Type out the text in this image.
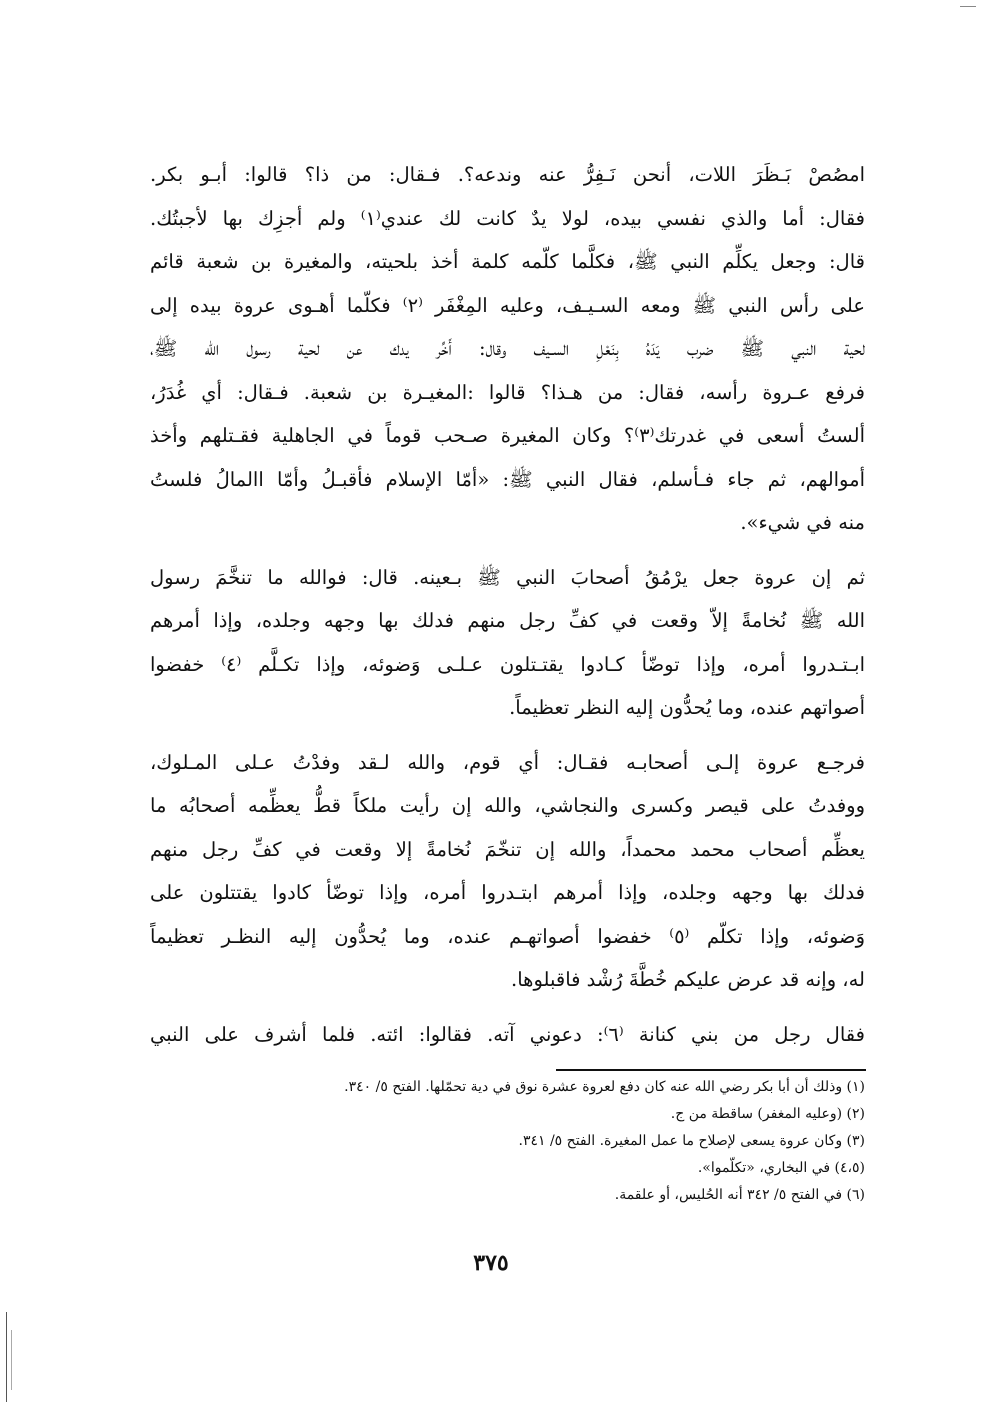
امصُصْ بَـظَرَ اللات، أنحن نَـفِرُّ عنه وندعه؟. فـقال: من ذا؟ قالوا: أبـو بكر.
فقال: أما والذي نفسي بيده، لولا يدٌ كانت لك عندي⁽١⁾ ولم أجزِك بها لأجبتُك.
قال: وجعل يكلِّم النبي ﷺ، فكلَّما كلّمه كلمة أخذ بلحيته، والمغيرة بن شعبة قائم
على رأس النبي ﷺ ومعه السـيـف، وعليه المِغْفَر ⁽٢⁾ فكلّما أهـوى عروة بيده إلى
لحية النبي ﷺ ضرب يَدَهُ بِنَعْلِ السـيف وقال: أَخِّر يدك عن لحية رسول الله ﷺ،
فرفع عـروة رأسه، فقال: من هـذا؟ قالوا :المغيـرة بن شعبة. فـقال: أي غُدَرُ،
ألستُ أسعى في غدرتك⁽٣⁾؟ وكان المغيرة صـحب قوماً في الجاهلية فقـتلهم وأخذ
أموالهم، ثم جاء فـأسلم، فقال النبي ﷺ: «أمّا الإسلام فأقبـلُ وأمّا االمالُ فلستُ
منه في شيء».
ثم إن عروة جعل يرْمُقُ أصحابَ النبي ﷺ بـعينه. قال: فوالله ما تنخَّمَ رسول
الله ﷺ نُخامةً إلاّ وقعت في كفِّ رجل منهم فدلك بها وجهه وجلده، وإذا أمرهم
ابـتـدروا أمره، وإذا توضّأ كـادوا يقتـتلون عـلـى وَضوئه، وإذا تكـلَّم ⁽٤⁾ خفضوا
أصواتهم عنده، وما يُحدُّون إليه النظر تعظيماً.
فرجـع عروة إلـى أصحابـه فقـال: أي قوم، والله لـقد وفدْتُ عـلى المـلوك،
ووفدتُ على قيصر وكسرى والنجاشي، والله إن رأيت ملكاً قطُّ يعظِّمه أصحابُه ما
يعظِّم أصحاب محمد محمداً، والله إن تنخّمَ نُخامةً إلا وقعت في كفِّ رجل منهم
فدلك بها وجهه وجلده، وإذا أمرهم ابتـدروا أمره، وإذا توضّأ كادوا يقتتلون على
وَضوئه، وإذا تكلّم ⁽٥⁾ خفضوا أصواتهـم عنده، وما يُحدُّون إليه النظـر تعظيماً
له، وإنه قد عرض عليكم خُطَّةَ رُشْد فاقبلوها.
فقال رجل من بني كنانة ⁽٦⁾: دعوني آته. فقالوا: ائته. فلما أشرف على النبي
(١) وذلك أن أبا بكر رضي الله عنه كان دفع لعروة عشرة نوق في دية تحمّلها. الفتح ٥/ ٣٤٠.
(٢) (وعليه المغفر) ساقطة من ج.
(٣) وكان عروة يسعى لإصلاح ما عمل المغيرة. الفتح ٥/ ٣٤١.
(٤،٥) في البخاري، «تكلّموا».
(٦) في الفتح ٥/ ٣٤٢ أنه الحُليس، أو علقمة.
٣٧٥
